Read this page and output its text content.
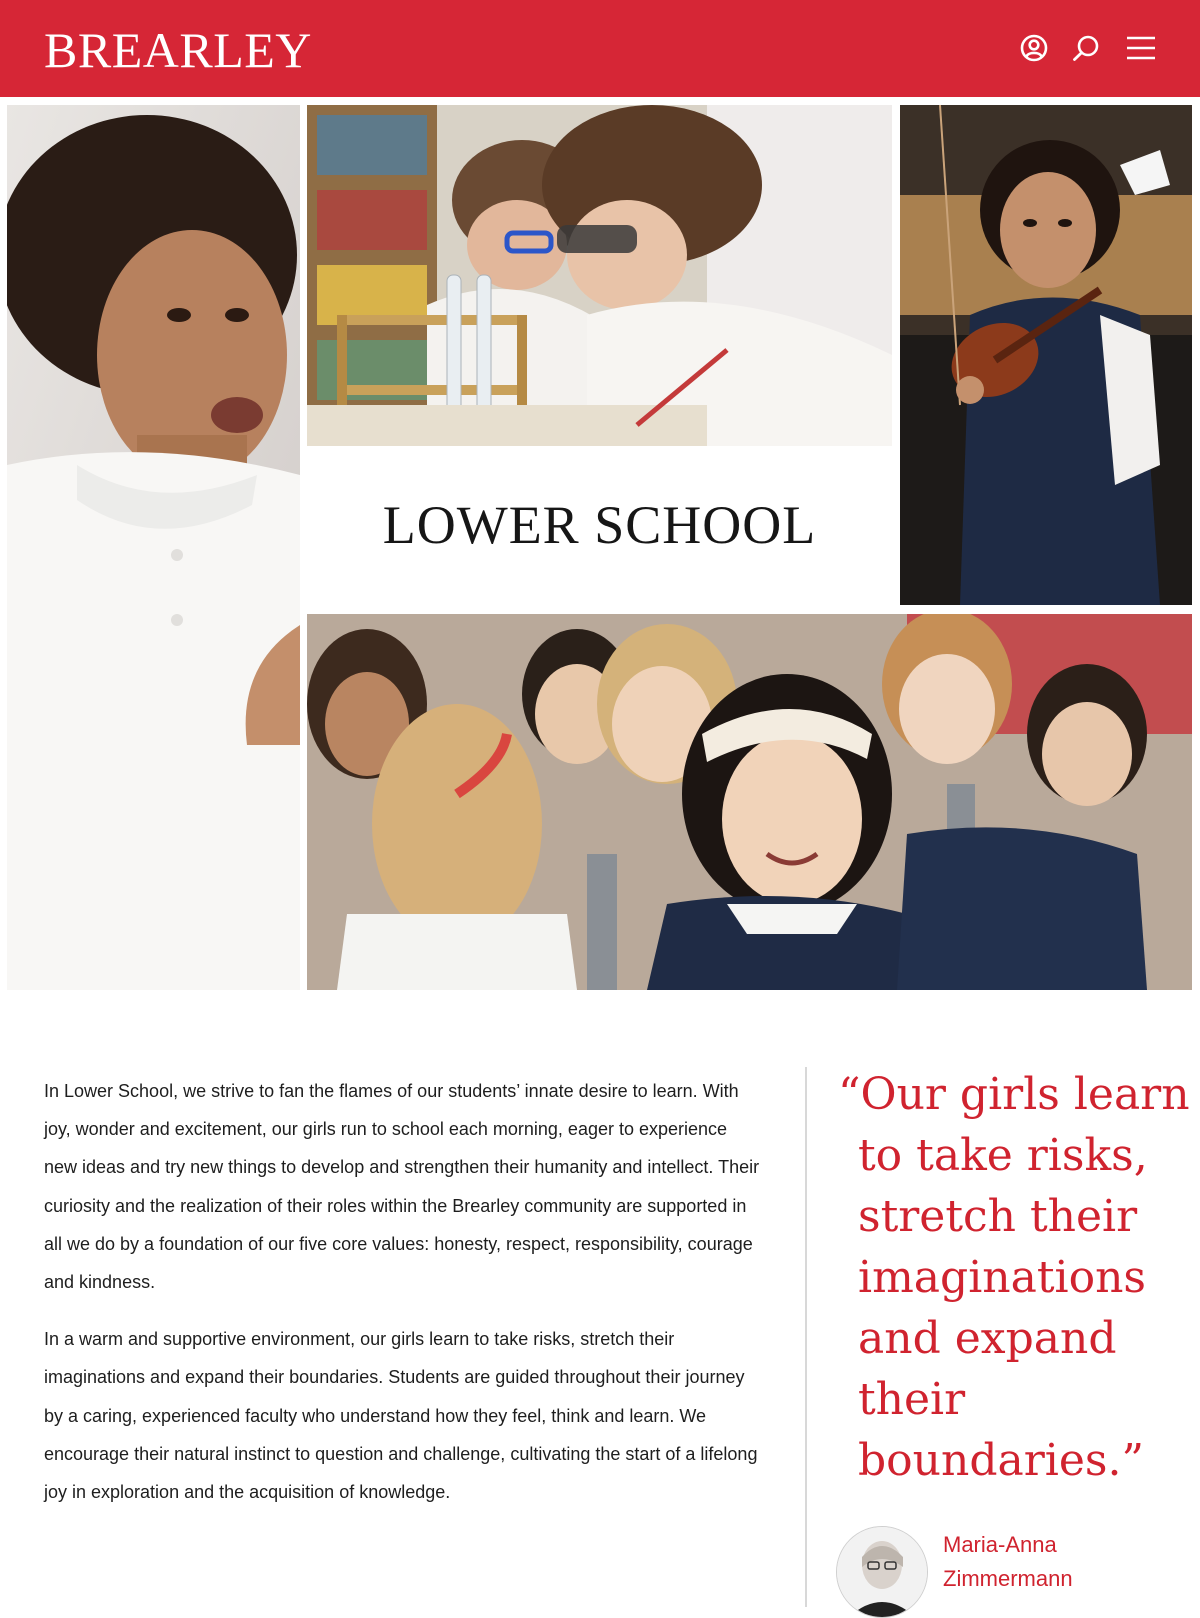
BREARLEY
LOWER SCHOOL

In Lower School, we strive to fan the flames of our students’ innate desire to learn. With joy, wonder and excitement, our girls run to school each morning, eager to experience new ideas and try new things to develop and strengthen their humanity and intellect. Their curiosity and the realization of their roles within the Brearley community are supported in all we do by a foundation of our five core values: honesty, respect, responsibility, courage and kindness.

In a warm and supportive environment, our girls learn to take risks, stretch their imaginations and expand their boundaries. Students are guided throughout their journey by a caring, experienced faculty who understand how they feel, think and learn. We encourage their natural instinct to question and challenge, cultivating the start of a lifelong joy in exploration and the acquisition of knowledge.

“Our girls learn to take risks, stretch their imaginations and expand their boundaries.”
Maria-Anna Zimmermann
